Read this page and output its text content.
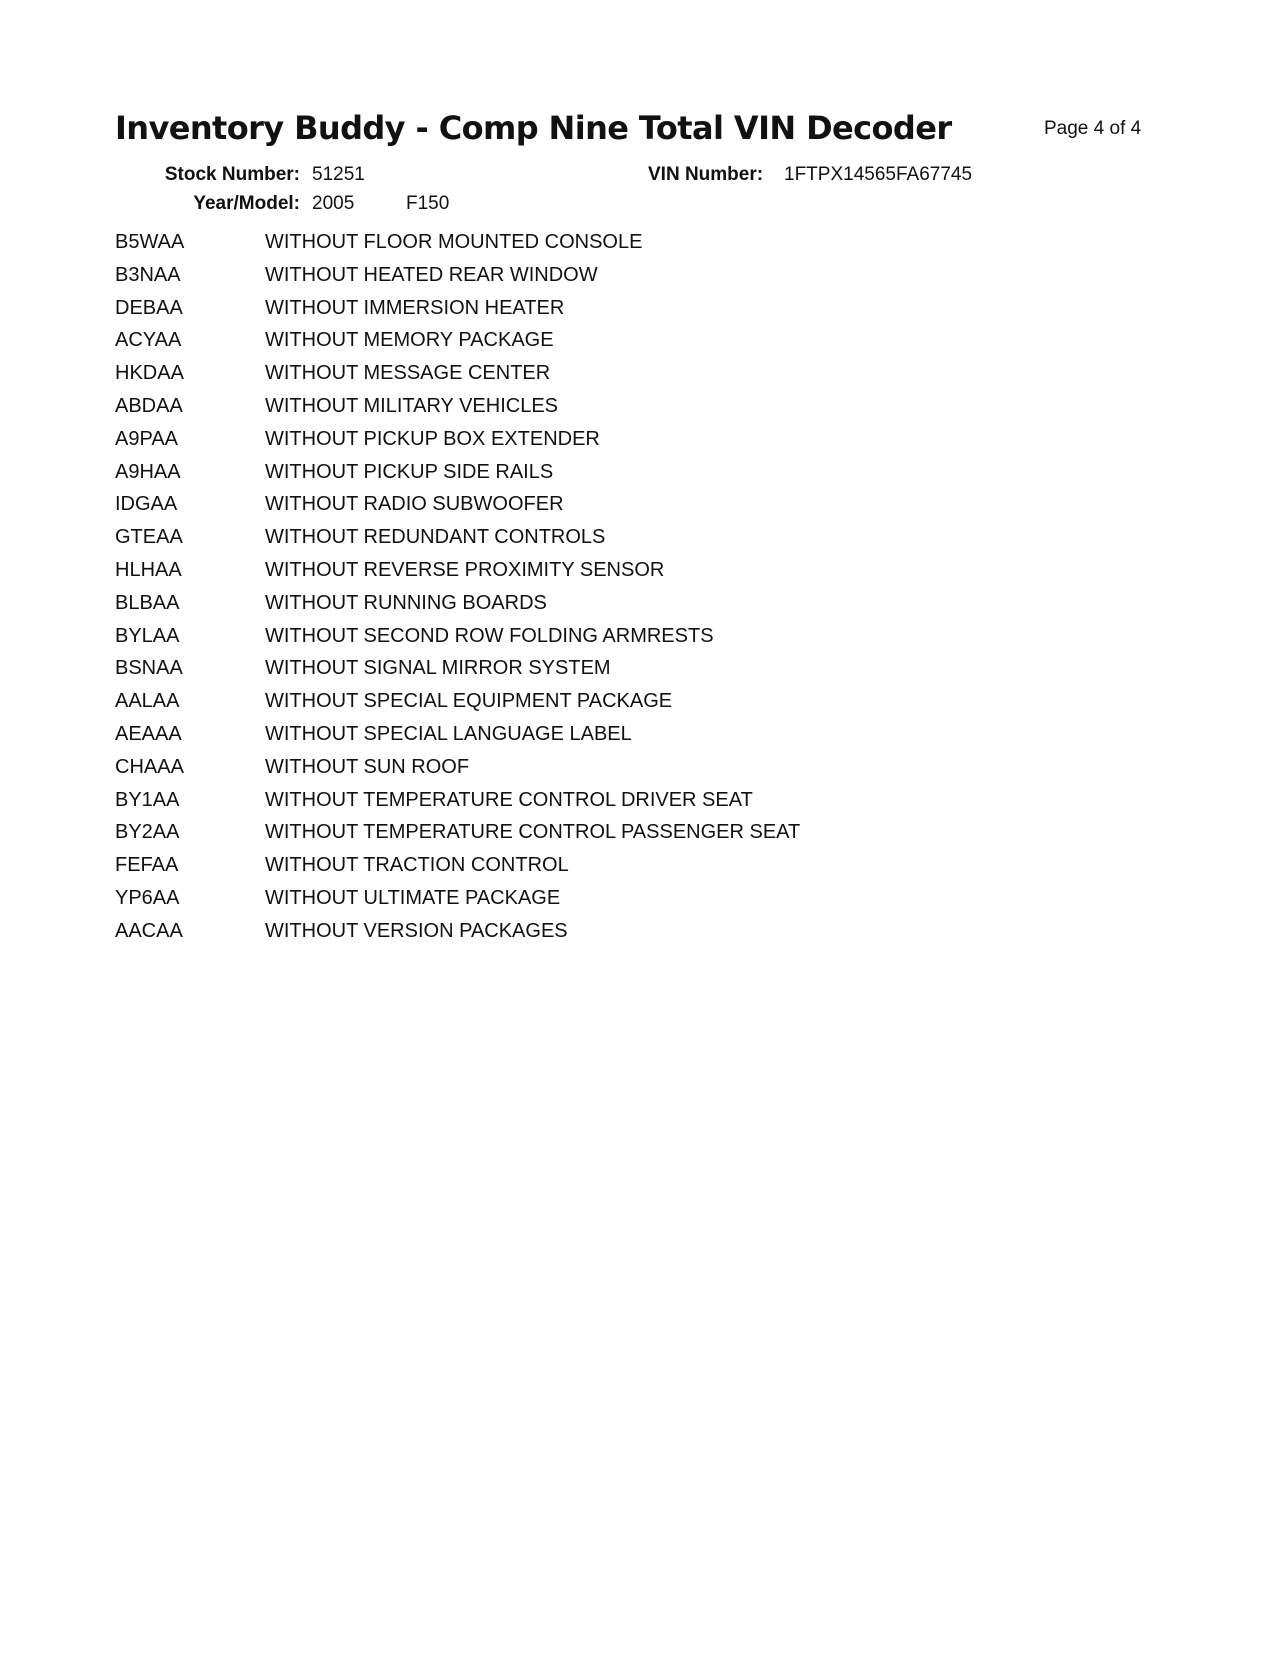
Inventory Buddy - Comp Nine Total VIN Decoder	Page 4 of 4
Stock Number: 51251	VIN Number: 1FTPX14565FA67745
Year/Model: 2005	F150
B5WAA	WITHOUT FLOOR MOUNTED CONSOLE
B3NAA	WITHOUT HEATED REAR WINDOW
DEBAA	WITHOUT IMMERSION HEATER
ACYAA	WITHOUT MEMORY PACKAGE
HKDAA	WITHOUT MESSAGE CENTER
ABDAA	WITHOUT MILITARY VEHICLES
A9PAA	WITHOUT PICKUP BOX EXTENDER
A9HAA	WITHOUT PICKUP SIDE RAILS
IDGAA	WITHOUT RADIO SUBWOOFER
GTEAA	WITHOUT REDUNDANT CONTROLS
HLHAA	WITHOUT REVERSE PROXIMITY SENSOR
BLBAA	WITHOUT RUNNING BOARDS
BYLAA	WITHOUT SECOND ROW FOLDING ARMRESTS
BSNAA	WITHOUT SIGNAL MIRROR SYSTEM
AALAA	WITHOUT SPECIAL EQUIPMENT PACKAGE
AEAAA	WITHOUT SPECIAL LANGUAGE LABEL
CHAAA	WITHOUT SUN ROOF
BY1AA	WITHOUT TEMPERATURE CONTROL DRIVER SEAT
BY2AA	WITHOUT TEMPERATURE CONTROL PASSENGER SEAT
FEFAA	WITHOUT TRACTION CONTROL
YP6AA	WITHOUT ULTIMATE PACKAGE
AACAA	WITHOUT VERSION PACKAGES
